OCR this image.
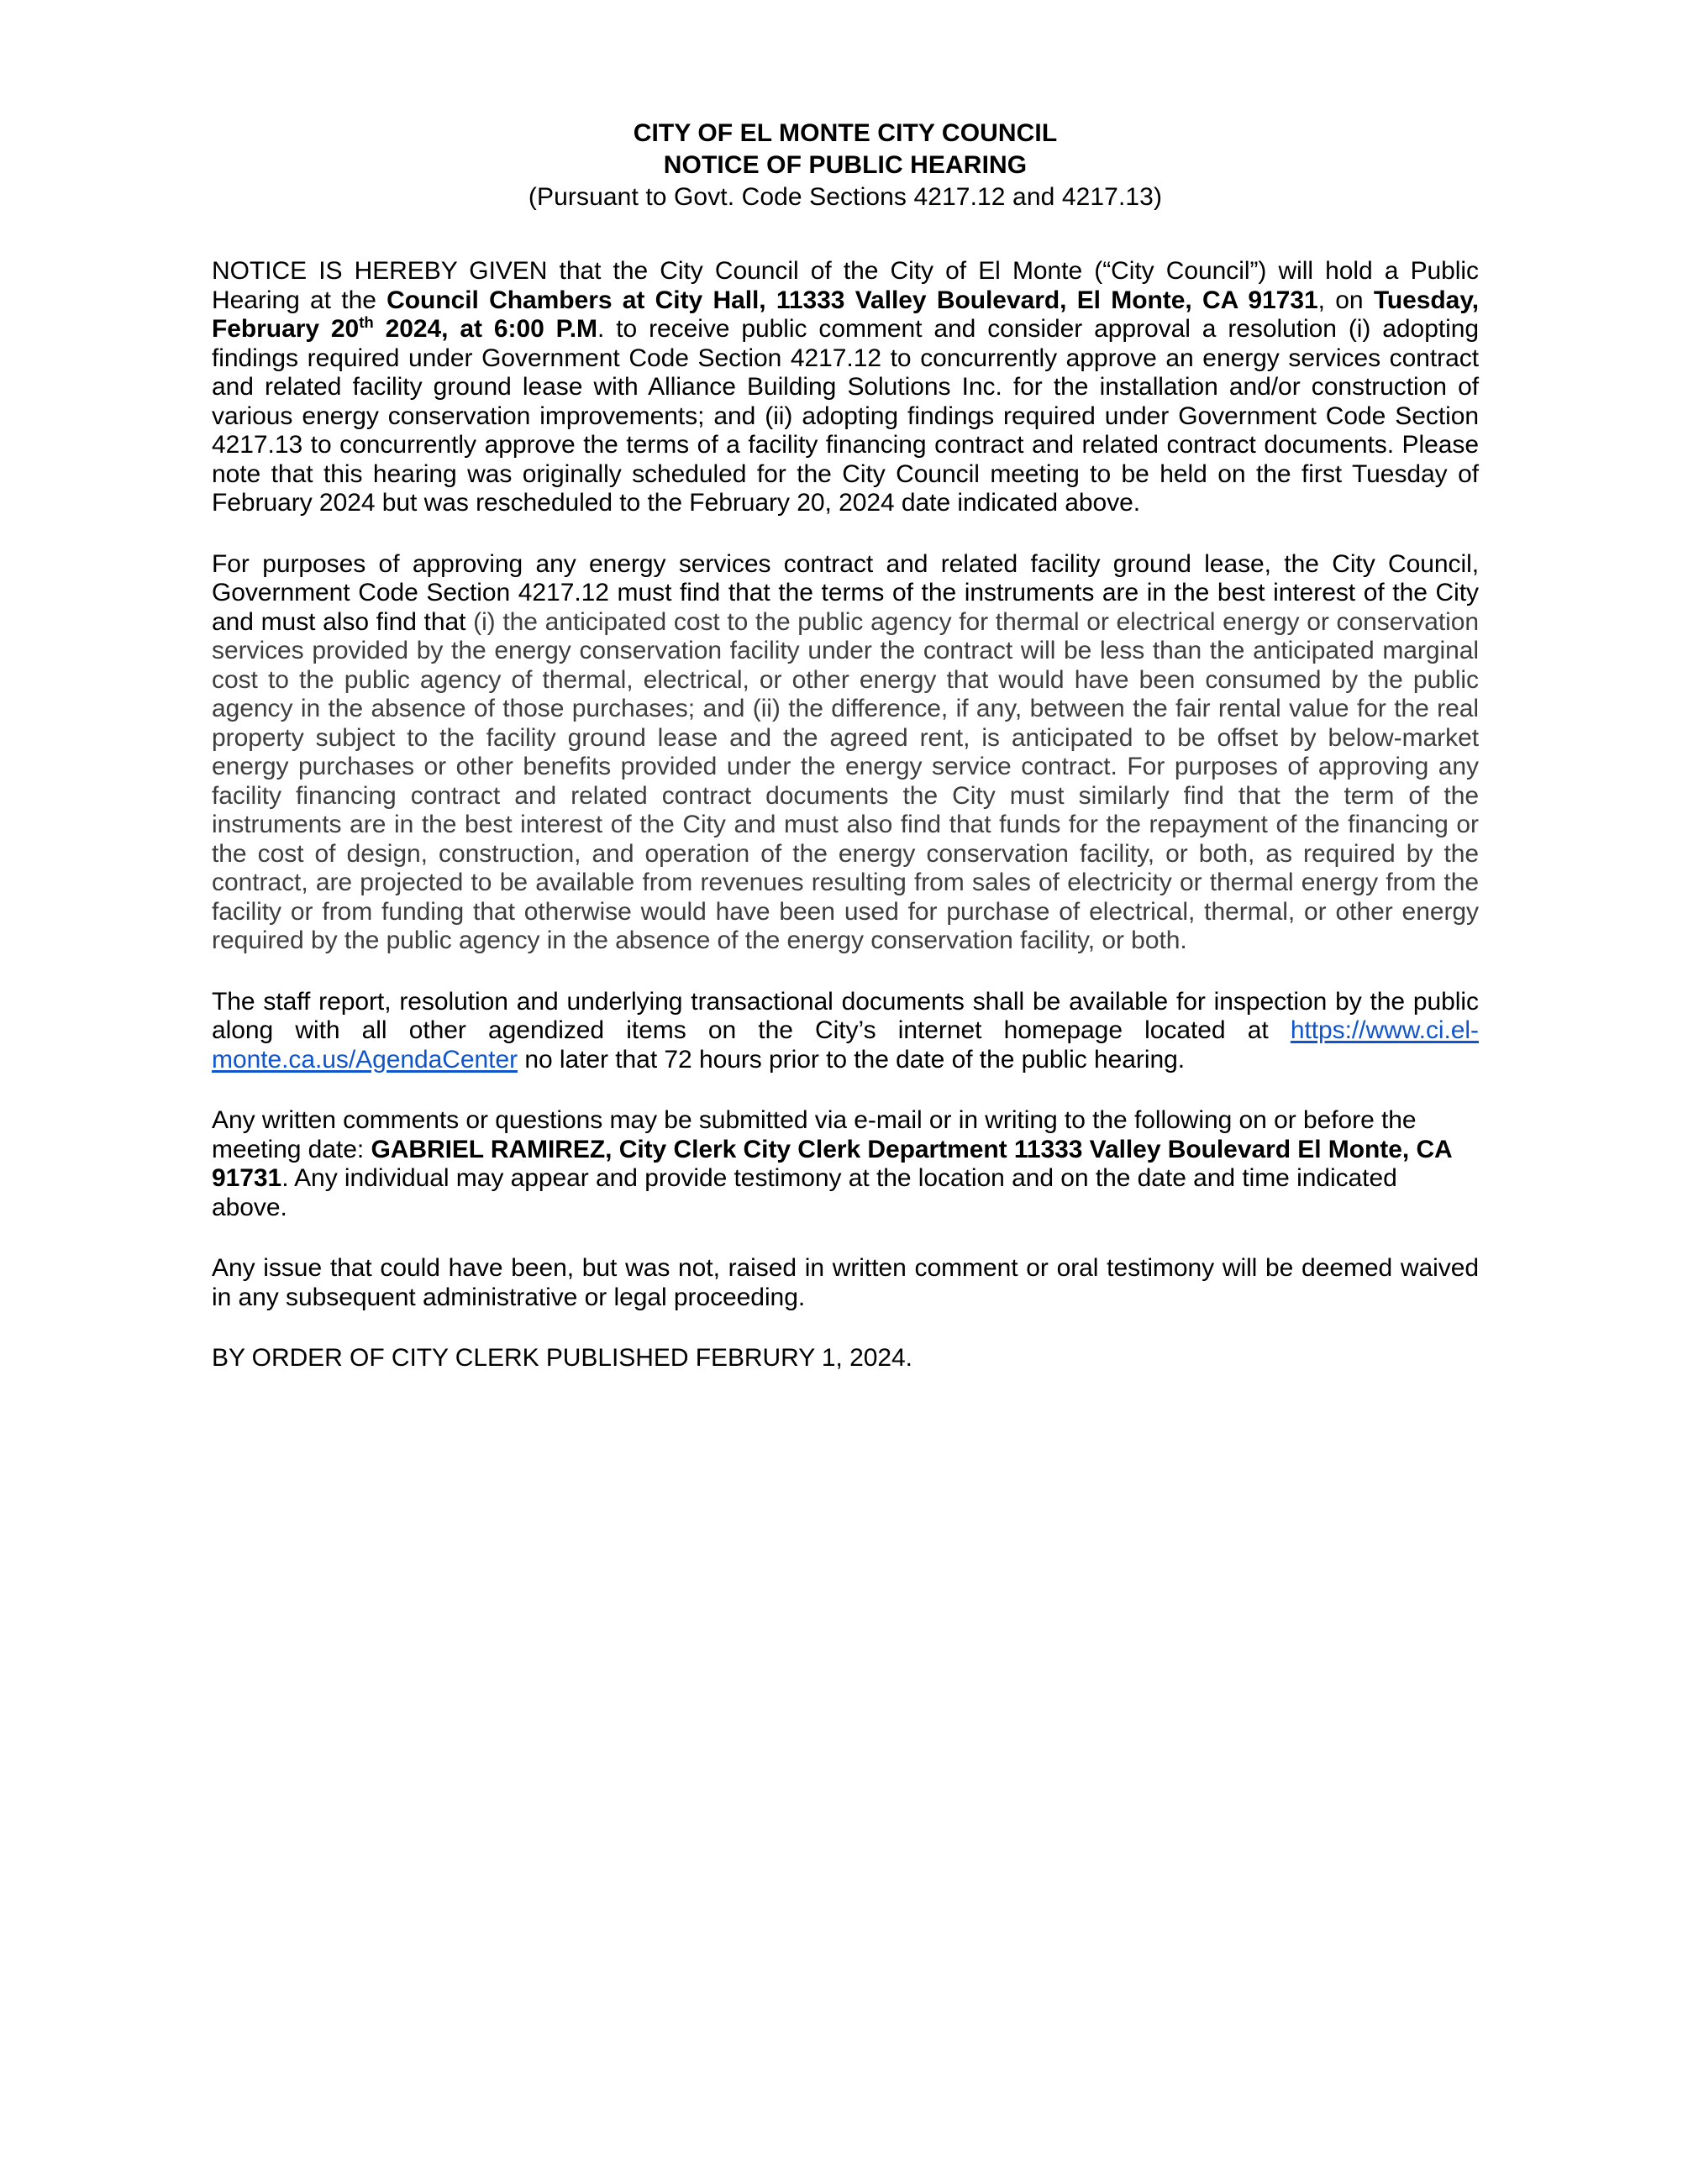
CITY OF EL MONTE CITY COUNCIL
NOTICE OF PUBLIC HEARING
(Pursuant to Govt. Code Sections 4217.12 and 4217.13)

NOTICE IS HEREBY GIVEN that the City Council of the City of El Monte (“City Council”) will hold a Public Hearing at the Council Chambers at City Hall, 11333 Valley Boulevard, El Monte, CA 91731, on Tuesday, February 20th 2024, at 6:00 P.M. to receive public comment and consider approval a resolution (i) adopting findings required under Government Code Section 4217.12 to concurrently approve an energy services contract and related facility ground lease with Alliance Building Solutions Inc. for the installation and/or construction of various energy conservation improvements; and (ii) adopting findings required under Government Code Section 4217.13 to concurrently approve the terms of a facility financing contract and related contract documents. Please note that this hearing was originally scheduled for the City Council meeting to be held on the first Tuesday of February 2024 but was rescheduled to the February 20, 2024 date indicated above.

For purposes of approving any energy services contract and related facility ground lease, the City Council, Government Code Section 4217.12 must find that the terms of the instruments are in the best interest of the City and must also find that (i) the anticipated cost to the public agency for thermal or electrical energy or conservation services provided by the energy conservation facility under the contract will be less than the anticipated marginal cost to the public agency of thermal, electrical, or other energy that would have been consumed by the public agency in the absence of those purchases; and (ii) the difference, if any, between the fair rental value for the real property subject to the facility ground lease and the agreed rent, is anticipated to be offset by below-market energy purchases or other benefits provided under the energy service contract. For purposes of approving any facility financing contract and related contract documents the City must similarly find that the term of the instruments are in the best interest of the City and must also find that funds for the repayment of the financing or the cost of design, construction, and operation of the energy conservation facility, or both, as required by the contract, are projected to be available from revenues resulting from sales of electricity or thermal energy from the facility or from funding that otherwise would have been used for purchase of electrical, thermal, or other energy required by the public agency in the absence of the energy conservation facility, or both.

The staff report, resolution and underlying transactional documents shall be available for inspection by the public along with all other agendized items on the City’s internet homepage located at https://www.ci.el-monte.ca.us/AgendaCenter no later that 72 hours prior to the date of the public hearing.

Any written comments or questions may be submitted via e-mail or in writing to the following on or before the meeting date: GABRIEL RAMIREZ, City Clerk City Clerk Department 11333 Valley Boulevard El Monte, CA 91731. Any individual may appear and provide testimony at the location and on the date and time indicated above.

Any issue that could have been, but was not, raised in written comment or oral testimony will be deemed waived in any subsequent administrative or legal proceeding.

BY ORDER OF CITY CLERK PUBLISHED FEBRURY 1, 2024.
